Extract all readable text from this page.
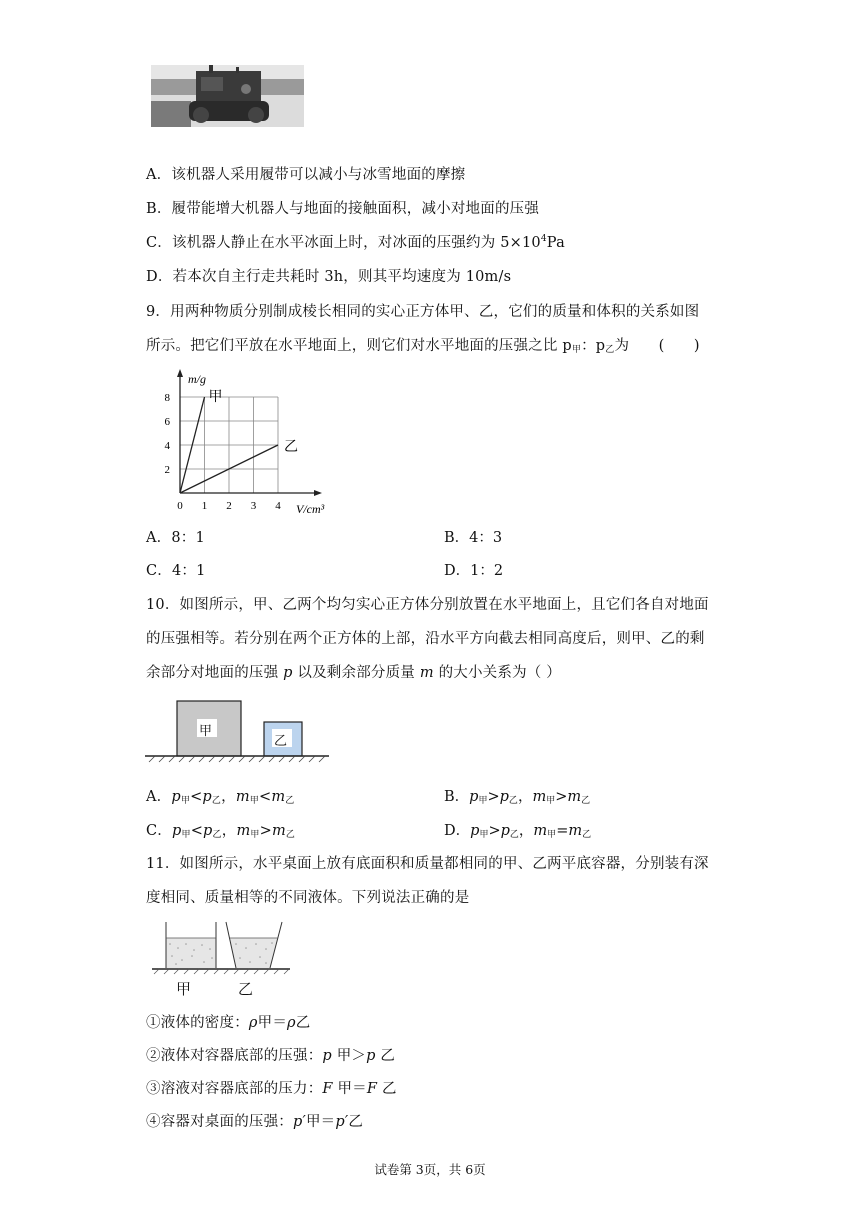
A．该机器人采用履带可以减小与冰雪地面的摩擦
B．履带能增大机器人与地面的接触面积，减小对地面的压强
C．该机器人静止在水平冰面上时，对冰面的压强约为 $5\times 10^4Pa$
D．若本次自主行走共耗时 3h，则其平均速度为 10m/s
9．用两种物质分别制成棱长相同的实心正方体甲、乙，它们的质量和体积的关系如图
所示。把它们平放在水平地面上，则它们对水平地面的压强之比 $p_甲$：$p_乙$为　　(　　)
0 1 2 3 4
2
4
6
8
m/g
V/cm³
甲
乙
A．8：1	B．4：3
C．4：1	D．1：2
10．如图所示，甲、乙两个均匀实心正方体分别放置在水平地面上，且它们各自对地面
的压强相等。若分别在两个正方体的上部，沿水平方向截去相同高度后，则甲、乙的剩
余部分对地面的压强 p 以及剩余部分质量 m 的大小关系为（ ）
甲
乙
A．$p_甲<p_乙$，$m_甲<m_乙$	B．$p_甲>p_乙$，$m_甲>m_乙$
C．$p_甲<p_乙$，$m_甲>m_乙$	D．$p_甲>p_乙$，$m_甲=m_乙$
11．如图所示，水平桌面上放有底面积和质量都相同的甲、乙两平底容器，分别装有深
度相同、质量相等的不同液体。下列说法正确的是
甲	乙
①液体的密度：ρ甲＝ρ乙
②液体对容器底部的压强：p 甲＞p 乙
③溶液对容器底部的压力：F 甲＝F 乙
④容器对桌面的压强：p′甲＝p′乙
试卷第 3页，共 6页
